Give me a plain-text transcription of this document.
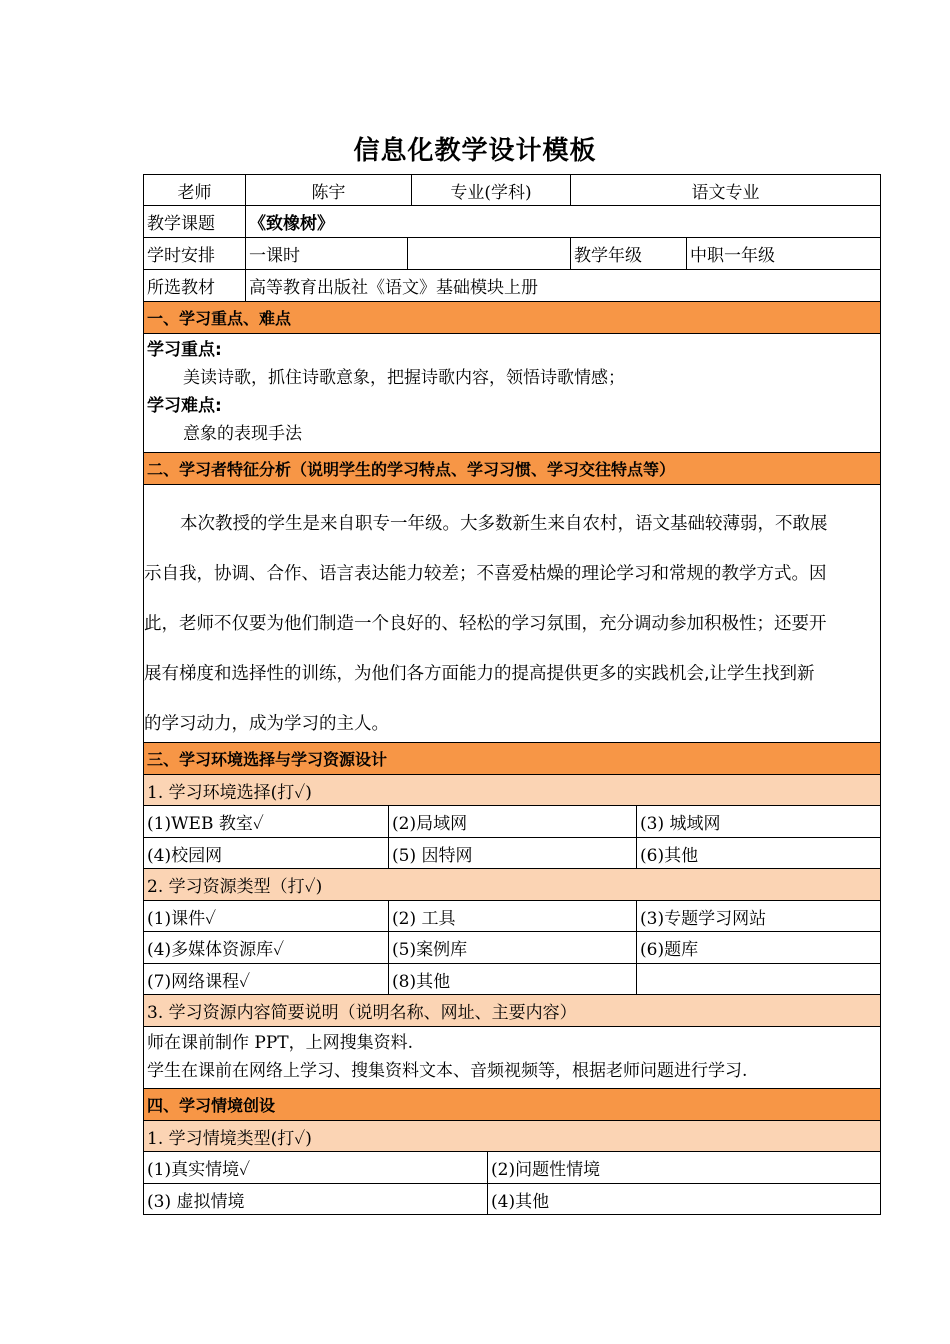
信息化教学设计模板
老师	陈宇	专业(学科)	语文专业
教学课题	《致橡树》
学时安排	一课时	教学年级	中职一年级
所选教材	高等教育出版社《语文》基础模块上册
一、学习重点、难点
学习重点:
美读诗歌，抓住诗歌意象，把握诗歌内容，领悟诗歌情感；
学习难点:
意象的表现手法
二、学习者特征分析（说明学生的学习特点、学习习惯、学习交往特点等）

本次教授的学生是来自职专一年级。大多数新生来自农村，语文基础较薄弱，不敢展

示自我，协调、合作、语言表达能力较差；不喜爱枯燥的理论学习和常规的教学方式。因

此，老师不仅要为他们制造一个良好的、轻松的学习氛围，充分调动参加积极性；还要开

展有梯度和选择性的训练，为他们各方面能力的提高提供更多的实践机会,让学生找到新

的学习动力，成为学习的主人。

三、学习环境选择与学习资源设计
1. 学习环境选择(打✓)
(1)WEB 教室✓	(2)局域网	(3) 城域网
(4)校园网	(5) 因特网	(6)其他
2. 学习资源类型（打✓)
(1)课件✓	(2) 工具	(3)专题学习网站
(4)多媒体资源库✓	(5)案例库	(6)题库
(7)网络课程✓	(8)其他
3. 学习资源内容简要说明（说明名称、网址、主要内容）
师在课前制作 PPT，上网搜集资料.
学生在课前在网络上学习、搜集资料文本、音频视频等，根据老师问题进行学习.
四、学习情境创设
1. 学习情境类型(打✓)
(1)真实情境✓	(2)问题性情境
(3) 虚拟情境	(4)其他
